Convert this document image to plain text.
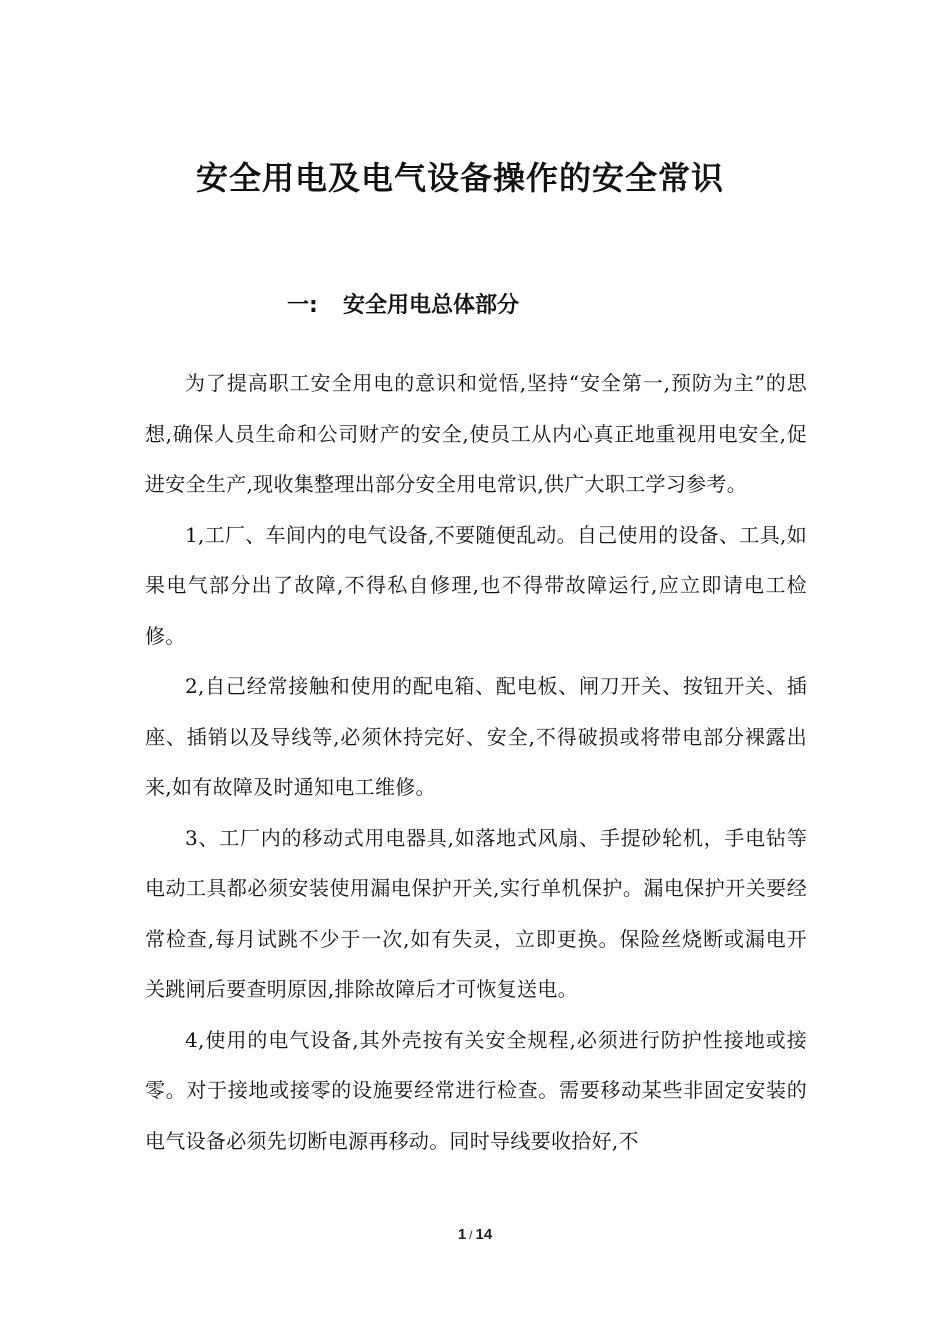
安全用电及电气设备操作的安全常识
一: 安全用电总体部分

为了提高职工安全用电的意识和觉悟,坚持“安全第一,预防为主”的思想,确保人员生命和公司财产的安全,使员工从内心真正地重视用电安全,促进安全生产,现收集整理出部分安全用电常识,供广大职工学习参考。

1,工厂、车间内的电气设备,不要随便乱动。自己使用的设备、工具,如果电气部分出了故障,不得私自修理,也不得带故障运行,应立即请电工检修。

2,自己经常接触和使用的配电箱、配电板、闸刀开关、按钮开关、插座、插销以及导线等,必须休持完好、安全,不得破损或将带电部分裸露出来,如有故障及时通知电工维修。

3、工厂内的移动式用电器具,如落地式风扇、手提砂轮机，手电钻等电动工具都必须安装使用漏电保护开关,实行单机保护。漏电保护开关要经常检查,每月试跳不少于一次,如有失灵，立即更换。保险丝烧断或漏电开关跳闸后要查明原因,排除故障后才可恢复送电。

4,使用的电气设备,其外壳按有关安全规程,必须进行防护性接地或接零。对于接地或接零的设施要经常进行检查。需要移动某些非固定安装的电气设备必须先切断电源再移动。同时导线要收拾好,不

1 / 14
